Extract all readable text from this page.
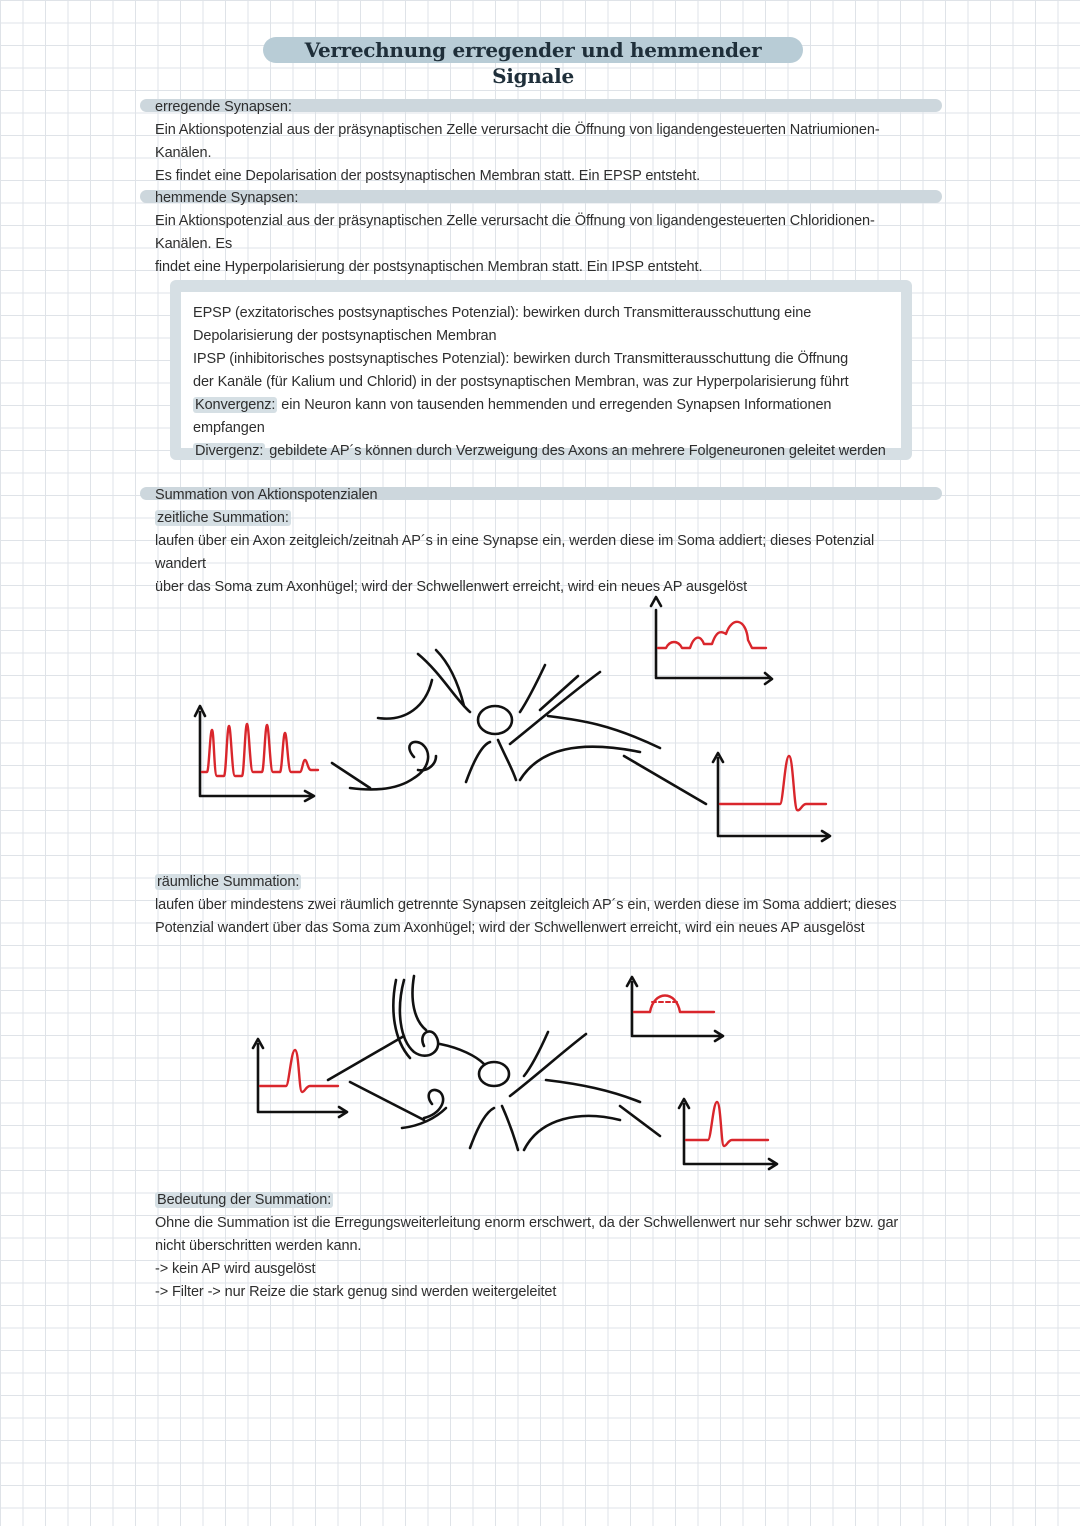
Verrechnung erregender und hemmender Signale
erregende Synapsen:
Ein Aktionspotenzial aus der präsynaptischen Zelle verursacht die Öffnung von ligandengesteuerten Natriumionen-Kanälen.
Es findet eine Depolarisation der postsynaptischen Membran statt. Ein EPSP entsteht.
hemmende Synapsen:
Ein Aktionspotenzial aus der präsynaptischen Zelle verursacht die Öffnung von ligandengesteuerten Chloridionen-Kanälen. Es
findet eine Hyperpolarisierung der postsynaptischen Membran statt. Ein IPSP entsteht.
EPSP (exzitatorisches postsynaptisches Potenzial): bewirken durch Transmitterausschuttung eine
Depolarisierung der postsynaptischen Membran
IPSP (inhibitorisches postsynaptisches Potenzial): bewirken durch Transmitterausschuttung die Öffnung
der Kanäle (für Kalium und Chlorid) in der postsynaptischen Membran, was zur Hyperpolarisierung führt
Konvergenz: ein Neuron kann von tausenden hemmenden und erregenden Synapsen Informationen empfangen
Divergenz: gebildete AP´s können durch Verzweigung des Axons an mehrere Folgeneuronen geleitet werden
Summation von Aktionspotenzialen
zeitliche Summation:
laufen über ein Axon zeitgleich/zeitnah AP´s in eine Synapse ein, werden diese im Soma addiert; dieses Potenzial wandert
über das Soma zum Axonhügel; wird der Schwellenwert erreicht, wird ein neues AP ausgelöst
räumliche Summation:
laufen über mindestens zwei räumlich getrennte Synapsen zeitgleich AP´s ein, werden diese im Soma addiert; dieses
Potenzial wandert über das Soma zum Axonhügel; wird der Schwellenwert erreicht, wird ein neues AP ausgelöst
Bedeutung der Summation:
Ohne die Summation ist die Erregungsweiterleitung enorm erschwert, da der Schwellenwert nur sehr schwer bzw. gar
nicht überschritten werden kann.
-> kein AP wird ausgelöst
-> Filter -> nur Reize die stark genug sind werden weitergeleitet
